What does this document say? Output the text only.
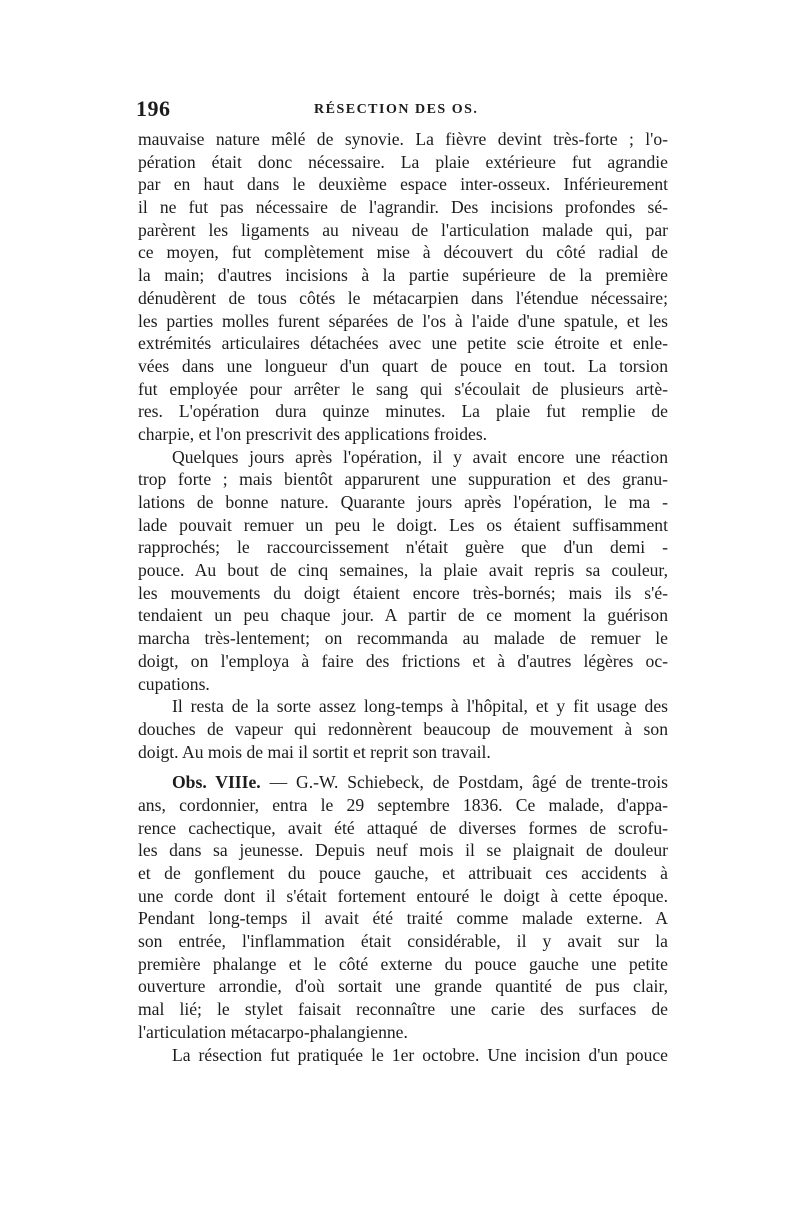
196	RÉSECTION DES OS.
mauvaise nature mêlé de synovie. La fièvre devint très-forte ; l'o-
pération était donc nécessaire. La plaie extérieure fut agrandie
par en haut dans le deuxième espace inter-osseux. Inférieurement
il ne fut pas nécessaire de l'agrandir. Des incisions profondes sé-
parèrent les ligaments au niveau de l'articulation malade qui, par
ce moyen, fut complètement mise à découvert du côté radial de
la main; d'autres incisions à la partie supérieure de la première
dénudèrent de tous côtés le métacarpien dans l'étendue nécessaire;
les parties molles furent séparées de l'os à l'aide d'une spatule, et les
extrémités articulaires détachées avec une petite scie étroite et enle-
vées dans une longueur d'un quart de pouce en tout. La torsion
fut employée pour arrêter le sang qui s'écoulait de plusieurs artè-
res. L'opération dura quinze minutes. La plaie fut remplie de
charpie, et l'on prescrivit des applications froides.
Quelques jours après l'opération, il y avait encore une réaction
trop forte ; mais bientôt apparurent une suppuration et des granu-
lations de bonne nature. Quarante jours après l'opération, le ma -
lade pouvait remuer un peu le doigt. Les os étaient suffisamment
rapprochés; le raccourcissement n'était guère que d'un demi -
pouce. Au bout de cinq semaines, la plaie avait repris sa couleur,
les mouvements du doigt étaient encore très-bornés; mais ils s'é-
tendaient un peu chaque jour. A partir de ce moment la guérison
marcha très-lentement; on recommanda au malade de remuer le
doigt, on l'employa à faire des frictions et à d'autres légères oc-
cupations.
Il resta de la sorte assez long-temps à l'hôpital, et y fit usage des
douches de vapeur qui redonnèrent beaucoup de mouvement à son
doigt. Au mois de mai il sortit et reprit son travail.
Obs. VIIIe. — G.-W. Schiebeck, de Postdam, âgé de trente-trois
ans, cordonnier, entra le 29 septembre 1836. Ce malade, d'appa-
rence cachectique, avait été attaqué de diverses formes de scrofu-
les dans sa jeunesse. Depuis neuf mois il se plaignait de douleur
et de gonflement du pouce gauche, et attribuait ces accidents à
une corde dont il s'était fortement entouré le doigt à cette époque.
Pendant long-temps il avait été traité comme malade externe. A
son entrée, l'inflammation était considérable, il y avait sur la
première phalange et le côté externe du pouce gauche une petite
ouverture arrondie, d'où sortait une grande quantité de pus clair,
mal lié; le stylet faisait reconnaître une carie des surfaces de
l'articulation métacarpo-phalangienne.
La résection fut pratiquée le 1er octobre. Une incision d'un pouce
